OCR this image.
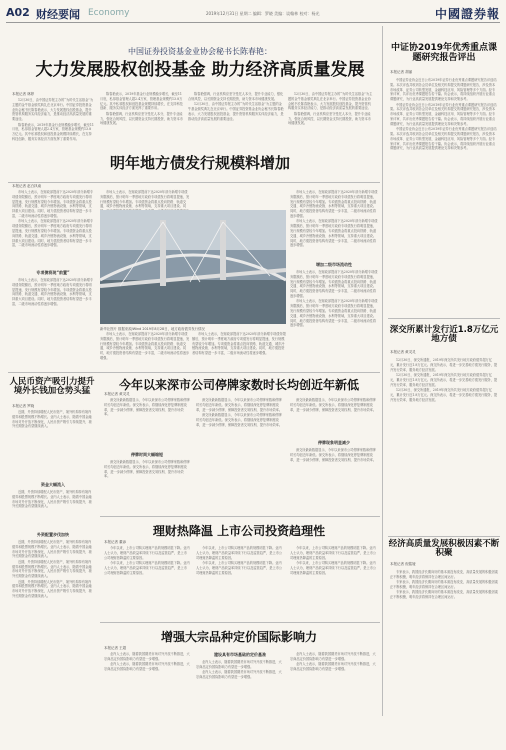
A02 财经要闻 Economy	2019年12月31日 星期二 编辑：罗晓 美编：谈翰林 校对：杨光	中國證券報
中国证券投资基金业协会秘书长陈春艳：
大力发展股权创投基金 助力经济高质量发展
本报记者 林婷

12月30日，由中国证券报主办的“为时代生活基金”为主题的金牛基金颁奖典礼在北京举行。中国证券投资基金业协会秘书长陈春艳表示，大力发展股权创投基金，提升资管机构服务实体经济能力，是推动经济高质量发展的重要途径。

陈春艳表示，2019年基金行业规模稳步增长，截至11月底，私募基金管理人超2.4万家，管理基金规模约13.8万亿元。其中私募股权和创投基金规模持续增长，在支持科技创新、服务实体经济方面发挥了重要作用。

陈春艳表示，2019年基金行业规模稳步增长，截至11月底，私募基金管理人超2.4万家，管理基金规模约13.8万亿元。其中私募股权和创投基金规模持续增长，在支持科技创新、服务实体经济方面发挥了重要作用。

陈春艳强调，行业机构应坚守受托人本分，提升专业能力，强化合规风控，以长期资金支持长期投资，助力资本市场健康发展。

陈春艳强调，行业机构应坚守受托人本分，提升专业能力，强化合规风控，以长期资金支持长期投资，助力资本市场健康发展。

12月30日，由中国证券报主办的“为时代生活基金”为主题的金牛基金颁奖典礼在北京举行。中国证券投资基金业协会秘书长陈春艳表示，大力发展股权创投基金，提升资管机构服务实体经济能力，是推动经济高质量发展的重要途径。

12月30日，由中国证券报主办的“为时代生活基金”为主题的金牛基金颁奖典礼在北京举行。中国证券投资基金业协会秘书长陈春艳表示，大力发展股权创投基金，提升资管机构服务实体经济能力，是推动经济高质量发展的重要途径。

陈春艳强调，行业机构应坚守受托人本分，提升专业能力，强化合规风控，以长期资金支持长期投资，助力资本市场健康发展。

中证协2019年优秀重点课题研究报告评出
本报记者 胡丽

中国证券业协会近日公布2019年证券行业优秀重点课题研究报告评选结果。本次评选共收到各会员单位及相关机构提交的课题研究报告，涉及资本市场改革、证券公司转型发展、金融科技应用、风险管理等多个方面。经专家评审，共评出优秀课题报告若干篇。协会表示，将持续组织开展行业重点课题研究，为行业高质量发展提供理论支持和决策参考。

中国证券业协会近日公布2019年证券行业优秀重点课题研究报告评选结果。本次评选共收到各会员单位及相关机构提交的课题研究报告，涉及资本市场改革、证券公司转型发展、金融科技应用、风险管理等多个方面。经专家评审，共评出优秀课题报告若干篇。协会表示，将持续组织开展行业重点课题研究，为行业高质量发展提供理论支持和决策参考。

中国证券业协会近日公布2019年证券行业优秀重点课题研究报告评选结果。本次评选共收到各会员单位及相关机构提交的课题研究报告，涉及资本市场改革、证券公司转型发展、金融科技应用、风险管理等多个方面。经专家评审，共评出优秀课题报告若干篇。协会表示，将持续组织开展行业重点课题研究，为行业高质量发展提供理论支持和决策参考。

明年地方债发行规模料增加
本报记者 赵白执南

市场人士表示，在财政部提前下达2020年部分新增专项债务限额后，预计明年一季度地方政府专项债发行将明显提速，发行规模有望较今年增加。专项债资金将重点投向铁路、轨道交通、城乡冷链物流设施、水利等领域，支持重大项目建设。同时，地方债投资者结构有望进一步丰富，二级市场流动性将逐步增强。

市场人士表示，在财政部提前下达2020年部分新增专项债务限额后，预计明年一季度地方政府专项债发行将明显提速，发行规模有望较今年增加。专项债资金将重点投向铁路、轨道交通、城乡冷链物流设施、水利等领域，支持重大项目建设。同时，地方债投资者结构有望进一步丰富，二级市场流动性将逐步增强。

专项债将现“前置”

市场人士表示，在财政部提前下达2020年部分新增专项债务限额后，预计明年一季度地方政府专项债发行将明显提速，发行规模有望较今年增加。专项债资金将重点投向铁路、轨道交通、城乡冷链物流设施、水利等领域，支持重大项目建设。同时，地方债投资者结构有望进一步丰富，二级市场流动性将逐步增强。

市场人士表示，在财政部提前下达2020年部分新增专项债务限额后，预计明年一季度地方政府专项债发行将明显提速，发行规模有望较今年增加。专项债资金将重点投向铁路、轨道交通、城乡冷链物流设施、水利等领域，支持重大项目建设。同

新华社图片 数据来源/Wind 2019年8月28日，地方政府债券发行情况

市场人士表示，在财政部提前下达2020年部分新增专项债务限额后，预计明年一季度地方政府专项债发行将明显提速，发行规模有望较今年增加。专项债资金将重点投向铁路、轨道交通、城乡冷链物流设施、水利等领域，支持重大项目建设。同时，地方债投资者结构有望进一步丰富，二级市场流动性将逐步增强。

市场人士表示，在财政部提前下达2020年部分新增专项债务限额后，预计明年一季度地方政府专项债发行将明显提速，发行规模有望较今年增加。专项债资金将重点投向铁路、轨道交通、城乡冷链物流设施、水利等领域，支持重大项目建设。同时，地方债投资者结构有望进一步丰富，二级市场流动性将逐步增强。

市场人士表示，在财政部提前下达2020年部分新增专项债务限额后，预计明年一季度地方政府专项债发行将明显提速，发行规模有望较今年增加。专项债资金将重点投向铁路、轨道交通、城乡冷链物流设施、水利等领域，支持重大项目建设。同时，地方债投资者结构有望进一步丰富，二级市场流动性将逐步增强。

市场人士表示，在财政部提前下达2020年部分新增专项债务限额后，预计明年一季度地方政府专项债发行将明显提速，发行规模有望较今年增加。专项债资金将重点投向铁路、轨道交通、城乡冷链物流设施、水利等领域，支持重大项目建设。同时，地方债投资者结构有望进一步丰富，二级市场流动性将逐步增强。

增加二级市场流动性

市场人士表示，在财政部提前下达2020年部分新增专项债务限额后，预计明年一季度地方政府专项债发行将明显提速，发行规模有望较今年增加。专项债资金将重点投向铁路、轨道交通、城乡冷链物流设施、水利等领域，支持重大项目建设。同时，地方债投资者结构有望进一步丰富，二级市场流动性将逐步增强。

市场人士表示，在财政部提前下达2020年部分新增专项债务限额后，预计明年一季度地方政府专项债发行将明显提速，发行规模有望较今年增加。专项债资金将重点投向铁路、轨道交通、城乡冷链物流设施、水利等领域，支持重大项目建设。同时，地方债投资者结构有望进一步丰富，二级市场流动性将逐步增强。	深交所累计发行近1.8万亿元地方债
本报记者 黄灵灵

12月30日，深交所通报，2019年深交所共发行地方政府债券超万亿元，累计发行近1.8万亿元。深交所表示，将进一步完善地方债发行服务，提升发行效率，服务地方经济发展。

12月30日，深交所通报，2019年深交所共发行地方政府债券超万亿元，累计发行近1.8万亿元。深交所表示，将进一步完善地方债发行服务，提升发行效率，服务地方经济发展。

12月30日，深交所通报，2019年深交所共发行地方政府债券超万亿元，累计发行近1.8万亿元。深交所表示，将进一步完善地方债发行服务，提升发行效率，服务地方经济发展。

人民币资产吸引力提升境外长钱加仓势头猛
本报记者 罗晓

近期，外资持续增配人民币资产，境外机构持有境内债券和股票规模不断增长。业内人士表示，随着中国金融市场对外开放不断深化，人民币资产吸引力持续提升，境外长期资金有望继续流入。

资金大幅流入

近期，外资持续增配人民币资产，境外机构持有境内债券和股票规模不断增长。业内人士表示，随着中国金融市场对外开放不断深化，人民币资产吸引力持续提升，境外长期资金有望继续流入。

外资配置步伐加快

近期，外资持续增配人民币资产，境外机构持有境内债券和股票规模不断增长。业内人士表示，随着中国金融市场对外开放不断深化，人民币资产吸引力持续提升，境外长期资金有望继续流入。

近期，外资持续增配人民币资产，境外机构持有境内债券和股票规模不断增长。业内人士表示，随着中国金融市场对外开放不断深化，人民币资产吸引力持续提升，境外长期资金有望继续流入。

近期，外资持续增配人民币资产，境外机构持有境内债券和股票规模不断增长。业内人士表示，随着中国金融市场对外开放不断深化，人民币资产吸引力持续提升，境外长期资金有望继续流入。

今年以来深市公司停牌家数时长均创近年新低
本报记者 黄灵灵

深交所最新数据显示，今年以来深市公司停牌家数和停牌时长均创近年新低。深交所表示，将继续深化停复牌制度改革，进一步减少停牌，保障投资者交易权利，提升市场效率。

停牌时间大幅缩短

深交所最新数据显示，今年以来深市公司停牌家数和停牌时长均创近年新低。深交所表示，将继续深化停复牌制度改革，进一步减少停牌，保障投资者交易权利，提升市场效率。

深交所最新数据显示，今年以来深市公司停牌家数和停牌时长均创近年新低。深交所表示，将继续深化停复牌制度改革，进一步减少停牌，保障投资者交易权利，提升市场效率。

深交所最新数据显示，今年以来深市公司停牌家数和停牌时长均创近年新低。深交所表示，将继续深化停复牌制度改革，进一步减少停牌，保障投资者交易权利，提升市场效率。

深交所最新数据显示，今年以来深市公司停牌家数和停牌时长均创近年新低。深交所表示，将继续深化停复牌制度改革，进一步减少停牌，保障投资者交易权利，提升市场效率。

停牌现象明显减少

深交所最新数据显示，今年以来深市公司停牌家数和停牌时长均创近年新低。深交所表示，将继续深化停复牌制度改革，进一步减少停牌，保障投资者交易权利，提升市场效率。

经济高质量发展积极因素不断积聚
本报记者 倪铭娅

专家表示，我国经济长期向好的基本面没有改变，高质量发展的积极因素正不断积聚，明年经济将保持在合理区间运行。

专家表示，我国经济长期向好的基本面没有改变，高质量发展的积极因素正不断积聚，明年经济将保持在合理区间运行。

专家表示，我国经济长期向好的基本面没有改变，高质量发展的积极因素正不断积聚，明年经济将保持在合理区间运行。

理财热降温 上市公司投资趋理性
本报记者 董添

今年以来，上市公司购买理财产品的规模明显下降。业内人士认为，理财产品收益率持续下行以及监管趋严，是上市公司理财热降温的主要原因。

今年以来，上市公司购买理财产品的规模明显下降。业内人士认为，理财产品收益率持续下行以及监管趋严，是上市公司理财热降温的主要原因。

今年以来，上市公司购买理财产品的规模明显下降。业内人士认为，理财产品收益率持续下行以及监管趋严，是上市公司理财热降温的主要原因。

今年以来，上市公司购买理财产品的规模明显下降。业内人士认为，理财产品收益率持续下行以及监管趋严，是上市公司理财热降温的主要原因。

今年以来，上市公司购买理财产品的规模明显下降。业内人士认为，理财产品收益率持续下行以及监管趋严，是上市公司理财热降温的主要原因。

今年以来，上市公司购买理财产品的规模明显下降。业内人士认为，理财产品收益率持续下行以及监管趋严，是上市公司理财热降温的主要原因。

增强大宗品种定价国际影响力
本报记者 王超

业内人士表示，随着我国期货市场对外开放不断推进，大宗商品定价国际影响力有望进一步增强。

业内人士表示，随着我国期货市场对外开放不断推进，大宗商品定价国际影响力有望进一步增强。

建设具有市场基础的定价基准

业内人士表示，随着我国期货市场对外开放不断推进，大宗商品定价国际影响力有望进一步增强。

业内人士表示，随着我国期货市场对外开放不断推进，大宗商品定价国际影响力有望进一步增强。

业内人士表示，随着我国期货市场对外开放不断推进，大宗商品定价国际影响力有望进一步增强。

业内人士表示，随着我国期货市场对外开放不断推进，大宗商品定价国际影响力有望进一步增强。
